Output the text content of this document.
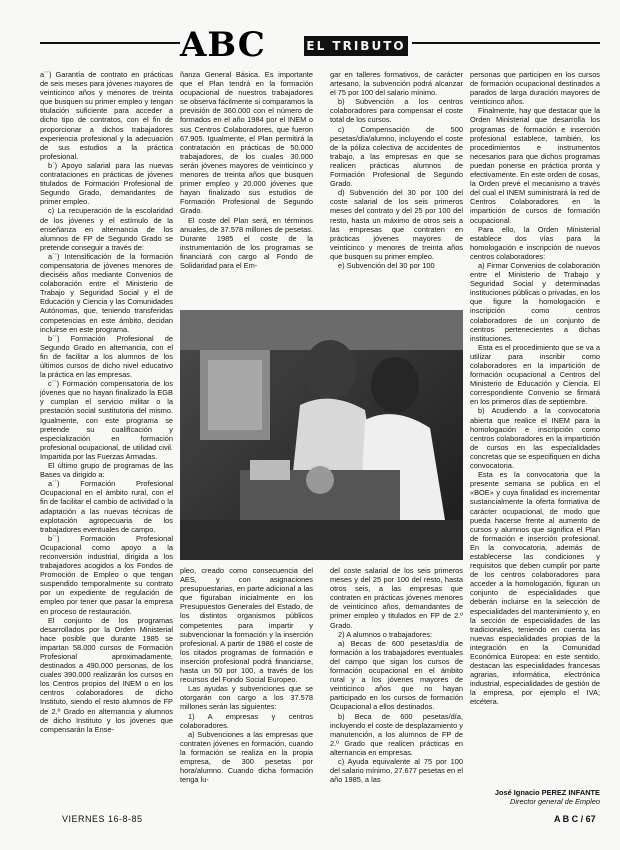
ABC	EL TRIBUTO

a´´) Garantía de contrato en prácticas de seis meses para jóvenes mayores de veinticinco años y menores de treinta que busquen su primer empleo y tengan titulación suficiente para acceder a dicho tipo de contratos, con el fin de proporcionar a dichos trabajadores experiencia profesional y la adecuación de sus estudios a la práctica profesional.

b´) Apoyo salarial para las nuevas contrataciones en prácticas de jóvenes titulados de Formación Profesional de Segundo Grado, demandantes de primer empleo.

c) La recuperación de la escolaridad de los jóvenes y el estímulo de la enseñanza en alternancia de los alumnos de FP de Segundo Grado se pretende conseguir a través de:

a´´) Intensificación de la formación compensatoria de jóvenes menores de dieciséis años mediante Convenios de colaboración entre el Ministerio de Trabajo y Seguridad Social y el de Educación y Ciencia y las Comunidades Autónomas, que, teniendo transferidas competencias en este ámbito, decidan incluirse en este programa.

b´´) Formación Profesional de Segundo Grado en alternancia, con el fin de facilitar a los alumnos de los últimos cursos de dicho nivel educativo la práctica en las empresas.

c´´) Formación compensatoria de los jóvenes que no hayan finalizado la EGB y cumplan el servicio militar o la prestación social sustitutoria del mismo. Igualmente, con este programa se pretende su cualificación y especialización en formación profesional ocupacional, de utilidad civil. Impartida por las Fuerzas Armadas.

El último grupo de programas de las Bases va dirigido a:

a´´) Formación Profesional Ocupacional en el ámbito rural, con el fin de facilitar el cambio de actividad o la adaptación a las nuevas técnicas de explotación agropecuaria de los trabajadores eventuales de campo.

b´´) Formación Profesional Ocupacional como apoyo a la reconversión industrial, dirigida a los trabajadores acogidos a los Fondos de Promoción de Empleo o que tengan suspendido temporalmente su contrato por un expediente de regulación de empleo por tener que pasar la empresa en proceso de restauración.

El conjunto de los programas desarrollados por la Orden Ministerial hace posible que durante 1985 se impartan 58.000 cursos de Formación Profesional aproximadamente, destinados a 490.000 personas, de los cuales 390.000 realizarán los cursos en los Centros propios del INEM o en los centros colaboradores de dicho Instituto, siendo el resto alumnos de FP de 2.º Grado en alternancia y alumnos de dicho Instituto y los jóvenes que compensarán la Ense-

ñanza General Básica. Es importante que el Plan tendrá en la formación ocupacional de nuestros trabajadores se observa fácilmente si comparamos la previsión de 360.000 con el número de formados en el año 1984 por el INEM o sus Centros Colaboradores, que fueron 67.905. Igualmente, el Plan permitirá la contratación en prácticas de 50.000 trabajadores, de los cuales 30.000 serán jóvenes mayores de veinticinco y menores de treinta años que busquen primer empleo y 20.000 jóvenes que hayan finalizado sus estudios de Formación Profesional de Segundo Grado.

El coste del Plan será, en términos anuales, de 37.578 millones de pesetas. Durante 1985 el coste de la instrumentación de los programas se financiará con cargo al Fondo de Solidaridad para el Em-

gar en talleres formativos, de carácter artesano, la subvención podrá alcanzar el 75 por 100 del salario mínimo.

b) Subvención a los centros colaboradores para compensar el coste total de los cursos.

c) Compensación de 500 pesetas/día/alumno, incluyendo el coste de la póliza colectiva de accidentes de trabajo, a las empresas en que se realicen prácticas alumnos de Formación Profesional de Segundo Grado.

d) Subvención del 30 por 100 del coste salarial de los seis primeros meses del contrato y del 25 por 100 del resto, hasta un máximo de otros seis a las empresas que contraten en prácticas jóvenes mayores de veinticinco y menores de treinta años que busquen su primer empleo.

e) Subvención del 30 por 100

pleo, creado como consecuencia del AES, y con asignaciones presupuestarias, en parte adicional a las que figuraban inicialmente en los Presupuestos Generales del Estado, de los distintos organismos públicos competentes para impartir y subvencionar la formación y la inserción profesional. A partir de 1986 el coste de los citados programas de formación e inserción profesional podrá financiarse, hasta un 50 por 100, a través de los recursos del Fondo Social Europeo.

Las ayudas y subvenciones que se otorgarán con cargo a los 37.578 millones serán las siguientes:

1) A empresas y centros colaboradores.

a) Subvenciones a las empresas que contraten jóvenes en formación, cuando la formación se realiza en la propia empresa, de 300 pesetas por hora/alumno. Cuando dicha formación tenga lu-

del coste salarial de los seis primeros meses y del 25 por 100 del resto, hasta otros seis, a las empresas que contraten en prácticas jóvenes menores de veinticinco años, demandantes de primer empleo y titulados en FP de 2.º Grado.

2) A alumnos o trabajadores:

a) Becas de 600 pesetas/día de formación a los trabajadores eventuales del campo que sigan los cursos de formación ocupacional en el ámbito rural y a los jóvenes mayores de veinticinco años que no hayan participado en los cursos de formación Ocupacional a ellos destinados.

b) Beca de 600 pesetas/día, incluyendo el coste de desplazamiento y manutención, a los alumnos de FP de 2.º Grado que realicen prácticas en alternancia en empresas.

c) Ayuda equivalente al 75 por 100 del salario mínimo, 27.677 pesetas en el año 1985, a las

personas que participen en los cursos de formación ocupacional destinados a parados de larga duración mayores de veinticinco años.

Finalmente, hay que destacar que la Orden Ministerial que desarrolla los programas de formación e inserción profesional establece, también, los procedimientos e instrumentos necesarios para que dichos programas puedan ponerse en práctica pronta y efectivamente. En este orden de cosas, la Orden prevé el mecanismo a través del cual el INEM suministrará la red de Centros Colaboradores en la impartición de cursos de formación ocupacional.

Para ello, la Orden Ministerial establece dos vías para la homologación e inscripción de nuevos centros colaboradores:

a) Firmar Convenios de colaboración entre el Ministerio de Trabajo y Seguridad Social y determinadas instituciones públicas o privadas, en los que figure la homologación e inscripción como centros colaboradores de un conjunto de centros pertenecientes a dichas instituciones.

Esta es el procedimiento que se va a utilizar para inscribir como colaboradores en la impartición de formación ocupacional a Centros del Ministerio de Educación y Ciencia. El correspondiente Convenio se firmará en los primeros días de septiembre.

b) Acudiendo a la convocatoria abierta que realice el INEM para la homologación e inscripción como centros colaboradores en la impartición de cursos en las especialidades concretas que se especifiquen en dicha convocatoria.

Esta es la convocatoria que la presente semana se publica en el «BOE» y cuya finalidad es incrementar sustancialmente la oferta formativa de carácter ocupacional, de modo que pueda hacerse frente al aumento de cursos y alumnos que significa el Plan de formación e inserción profesional. En la convocatoria, además de establecerse las condiciones y requisitos que deben cumplir por parte de los centros colaboradores para acceder a la homologación, figuran un conjunto de especialidades que deberán incluirse en la selección de especialidades del mantenimiento y, en la sección de especialidades de las tradicionales, teniendo en cuenta las nuevas especialidades propias de la integración en la Comunidad Económica Europea: en este sentido, destacan las especialidades francesas agrarias, informática, electrónica industrial, especialidades de gestión de la empresa, por ejemplo el IVA; etcétera.

José Ignacio PEREZ INFANTE
Director general de Empleo
VIERNES 16-8-85	A B C / 67
